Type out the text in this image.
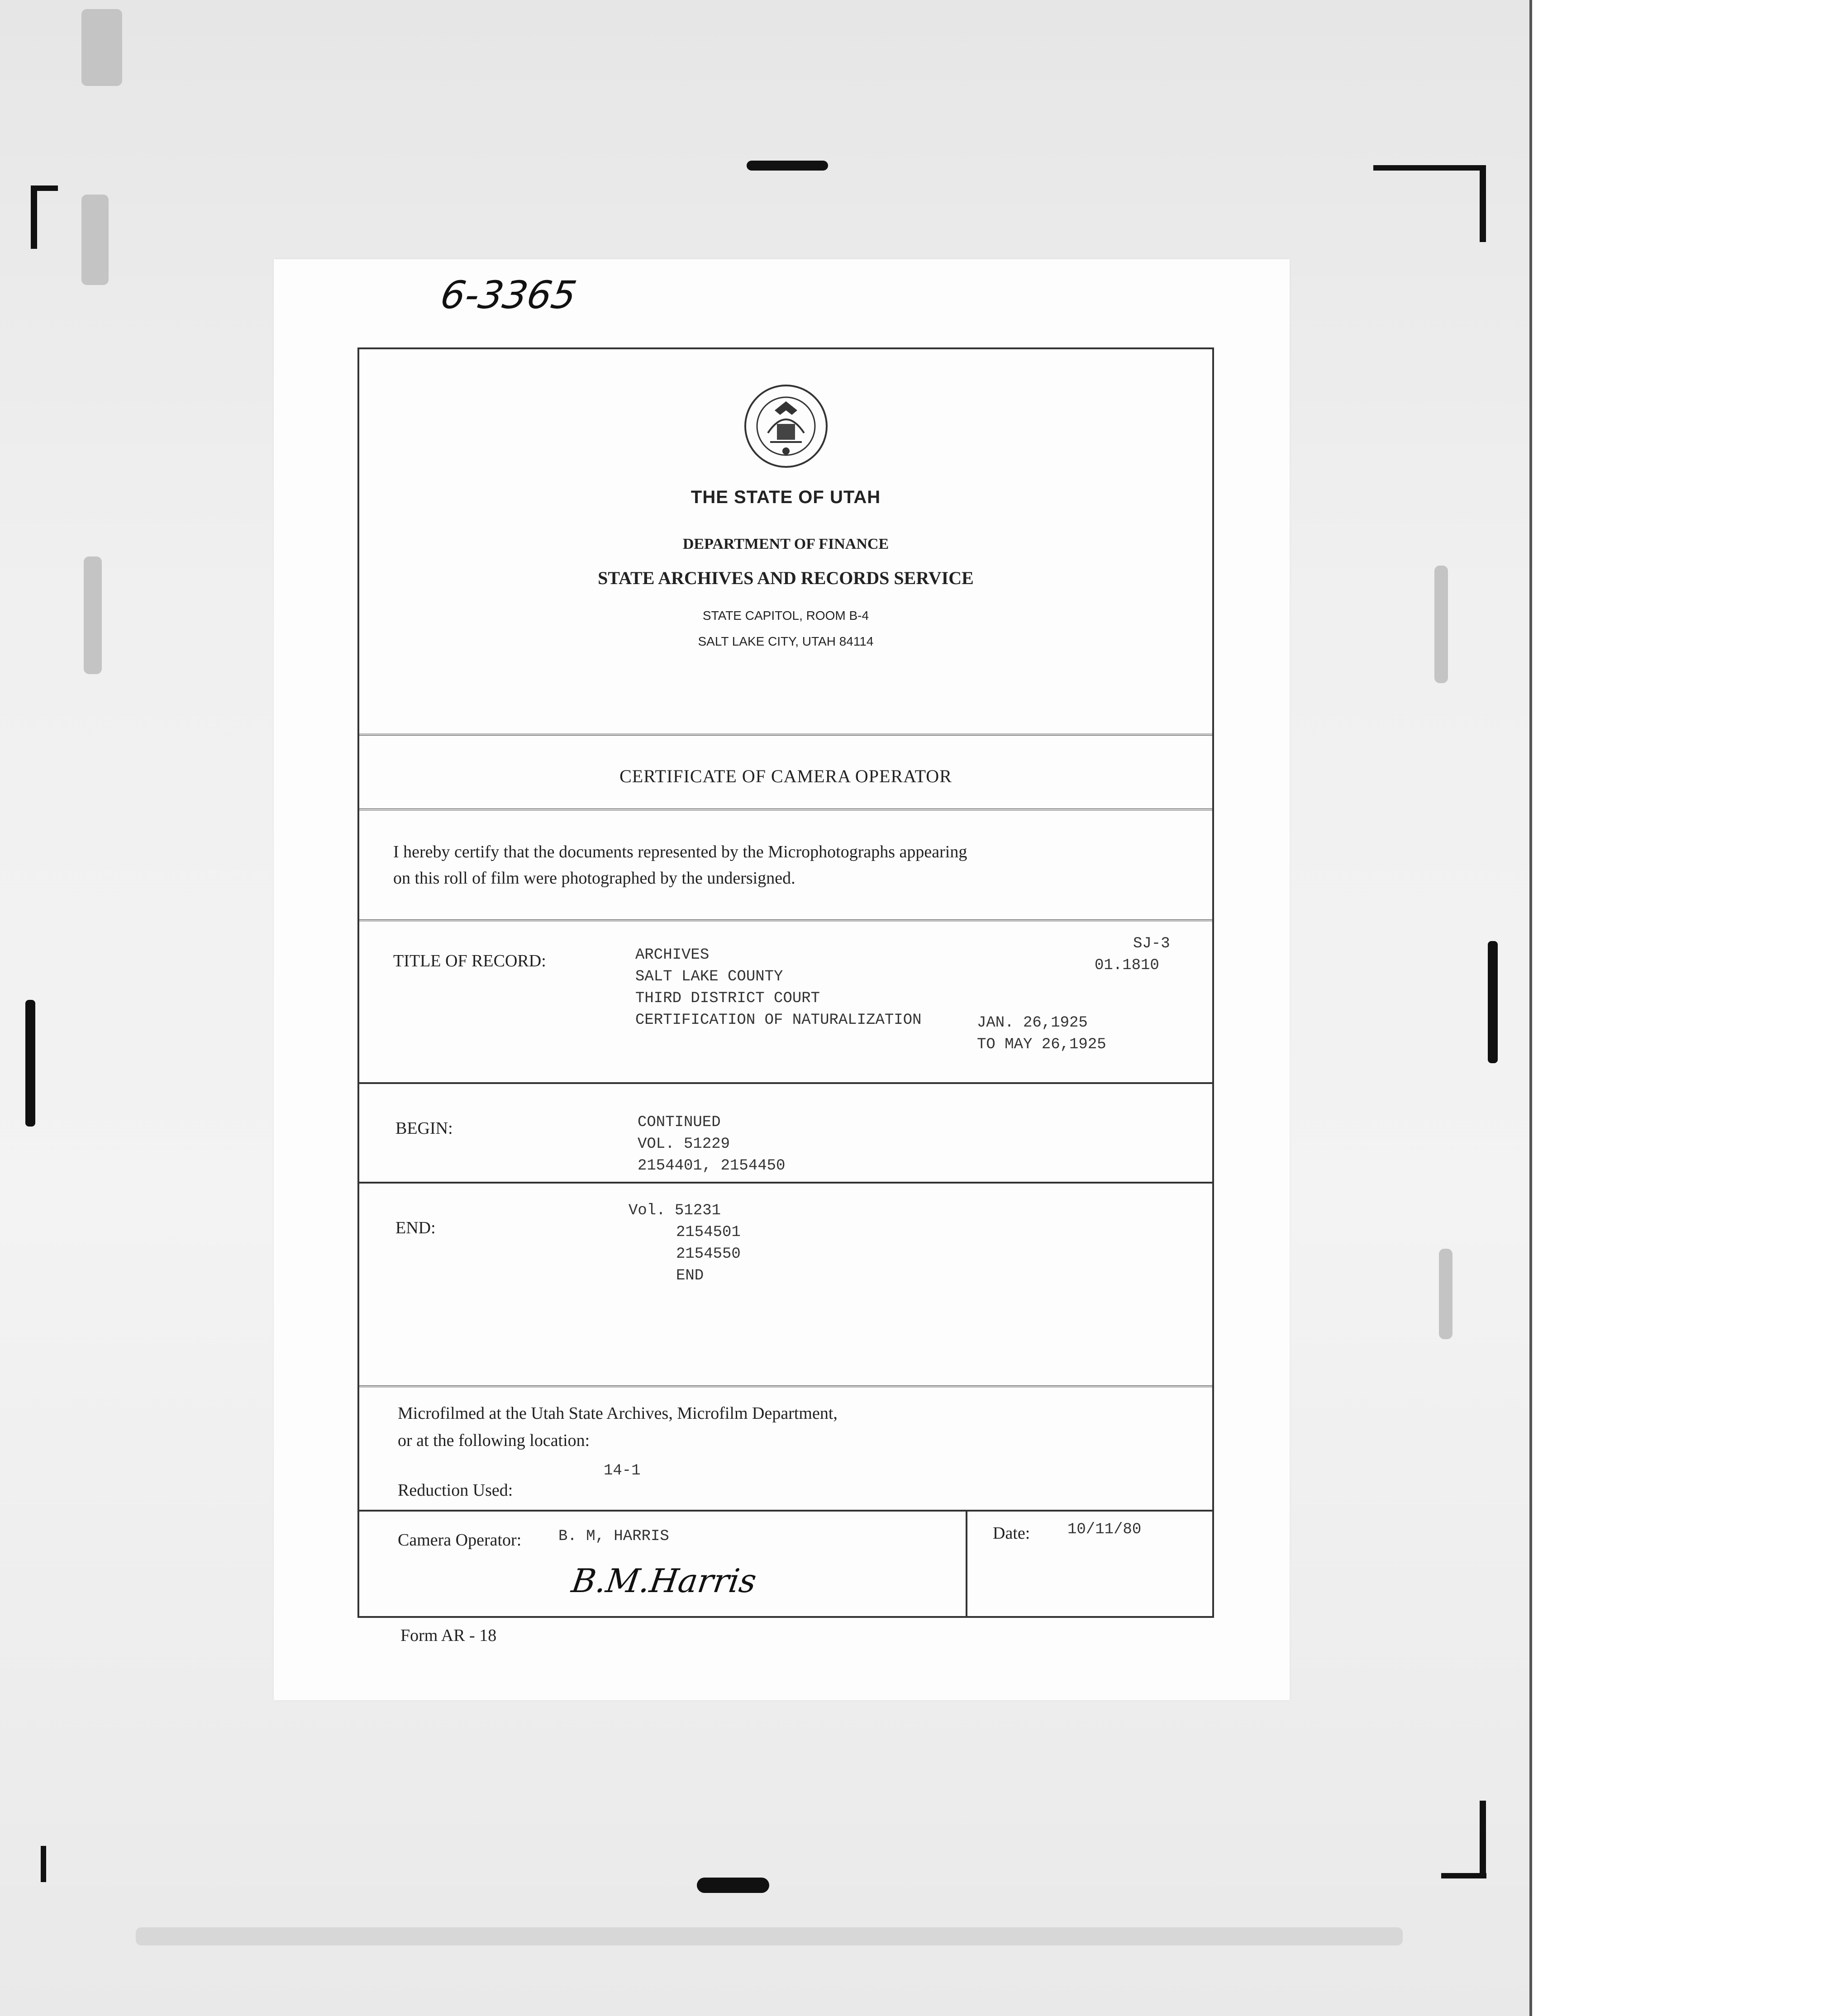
6-3365
THE STATE OF UTAH
DEPARTMENT OF FINANCE
STATE ARCHIVES AND RECORDS SERVICE
STATE CAPITOL, ROOM B-4
SALT LAKE CITY, UTAH 84114
CERTIFICATE OF CAMERA OPERATOR
I hereby certify that the documents represented by the Microphotographs appearing
on this roll of film were photographed by the undersigned.
TITLE OF RECORD:	ARCHIVES
SALT LAKE COUNTY
THIRD DISTRICT COURT
CERTIFICATION OF NATURALIZATION
SJ-3
01.1810
JAN. 26,1925
TO MAY 26,1925
BEGIN:	CONTINUED
VOL. 51229
2154401, 2154450
END:
Vol. 51231
2154501
2154550
END
Microfilmed at the Utah State Archives, Microfilm Department,
or at the following location:
14-1
Reduction Used:
Camera Operator: B. M, HARRIS
B.M.Harris
Date: 10/11/80
Form AR - 18
